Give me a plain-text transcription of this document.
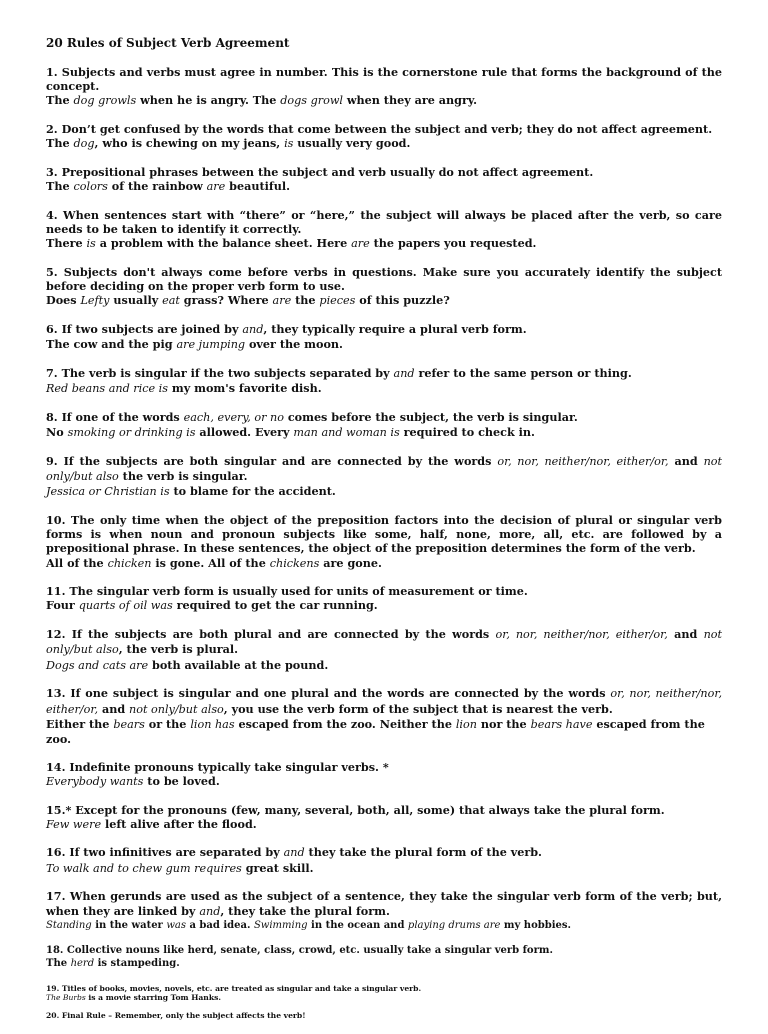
20 Rules of Subject Verb Agreement

1. Subjects and verbs must agree in number. This is the cornerstone rule that forms the background of the concept.

The dog growls when he is angry. The dogs growl when they are angry.

2. Don’t get confused by the words that come between the subject and verb; they do not affect agreement.

The dog, who is chewing on my jeans, is usually very good.

3. Prepositional phrases between the subject and verb usually do not affect agreement.

The colors of the rainbow are beautiful.

4. When sentences start with “there” or “here,” the subject will always be placed after the verb, so care needs to be taken to identify it correctly.

There is a problem with the balance sheet. Here are the papers you requested.

5. Subjects don't always come before verbs in questions. Make sure you accurately identify the subject before deciding on the proper verb form to use.

Does Lefty usually eat grass? Where are the pieces of this puzzle?

6. If two subjects are joined by and, they typically require a plural verb form.

The cow and the pig are jumping over the moon.

7. The verb is singular if the two subjects separated by and refer to the same person or thing.

Red beans and rice is my mom's favorite dish.

8. If one of the words each, every, or no comes before the subject, the verb is singular.

No smoking or drinking is allowed. Every man and woman is required to check in.

9. If the subjects are both singular and are connected by the words or, nor, neither/nor, either/or, and not only/but also the verb is singular.

Jessica or Christian is to blame for the accident.

10. The only time when the object of the preposition factors into the decision of plural or singular verb forms is when noun and pronoun subjects like some, half, none, more, all, etc. are followed by a prepositional phrase. In these sentences, the object of the preposition determines the form of the verb.

All of the chicken is gone. All of the chickens are gone.

11. The singular verb form is usually used for units of measurement or time.

Four quarts of oil was required to get the car running.

12. If the subjects are both plural and are connected by the words or, nor, neither/nor, either/or, and not only/but also, the verb is plural.

Dogs and cats are both available at the pound.

13. If one subject is singular and one plural and the words are connected by the words or, nor, neither/nor, either/or, and not only/but also, you use the verb form of the subject that is nearest the verb.

Either the bears or the lion has escaped from the zoo. Neither the lion nor the bears have escaped from the zoo.

14. Indefinite pronouns typically take singular verbs. *

Everybody wants to be loved.

15.* Except for the pronouns (few, many, several, both, all, some) that always take the plural form.

Few were left alive after the flood.

16. If two infinitives are separated by and they take the plural form of the verb.

To walk and to chew gum requires great skill.

17. When gerunds are used as the subject of a sentence, they take the singular verb form of the verb; but, when they are linked by and, they take the plural form.

Standing in the water was a bad idea. Swimming in the ocean and playing drums are my hobbies.

18. Collective nouns like herd, senate, class, crowd, etc. usually take a singular verb form.

The herd is stampeding.

19. Titles of books, movies, novels, etc. are treated as singular and take a singular verb.

The Burbs is a movie starring Tom Hanks.

20. Final Rule – Remember, only the subject affects the verb!
